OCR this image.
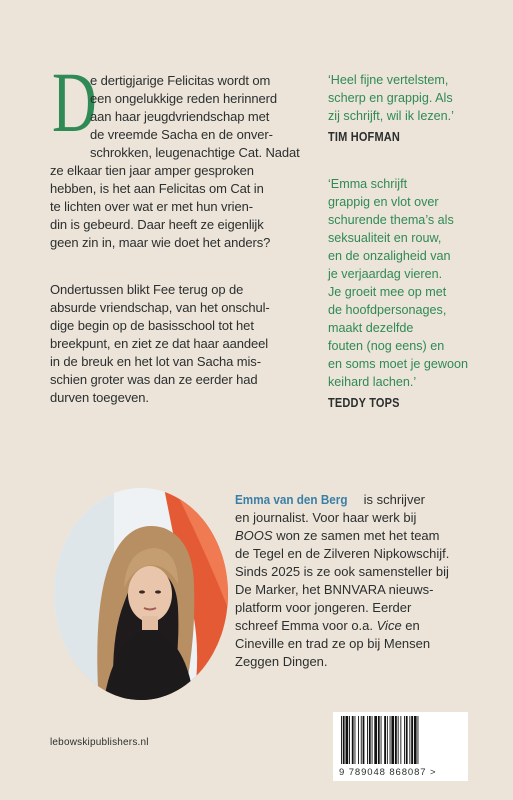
D
e dertigjarige Felicitas wordt om
een ongelukkige reden herinnerd
aan haar jeugdvriendschap met
de vreemde Sacha en de onver-
schrokken, leugenachtige Cat. Nadat
ze elkaar tien jaar amper gesproken
hebben, is het aan Felicitas om Cat in
te lichten over wat er met hun vrien-
din is gebeurd. Daar heeft ze eigenlijk
geen zin in, maar wie doet het anders?
Ondertussen blikt Fee terug op de
absurde vriendschap, van het onschul-
dige begin op de basisschool tot het
breekpunt, en ziet ze dat haar aandeel
in de breuk en het lot van Sacha mis-
schien groter was dan ze eerder had
durven toegeven.
‘Heel fijne vertelstem,
scherp en grappig. Als
zij schrijft, wil ik lezen.’
TIM HOFMAN
‘Emma schrijft
grappig en vlot over
schurende thema’s als
seksualiteit en rouw,
en de onzaligheid van
je verjaardag vieren.
Je groeit mee op met
de hoofdpersonages,
maakt dezelfde
fouten (nog eens) en
en soms moet je gewoon
keihard lachen.’
TEDDY TOPS
Emma van den Berg is schrijver
en journalist. Voor haar werk bij
BOOS won ze samen met het team
de Tegel en de Zilveren Nipkowschijf.
Sinds 2025 is ze ook samensteller bij
De Marker, het BNNVARA nieuws-
platform voor jongeren. Eerder
schreef Emma voor o.a. Vice en
Cineville en trad ze op bij Mensen
Zeggen Dingen.
lebowskipublishers.nl
9 789048 868087 >
